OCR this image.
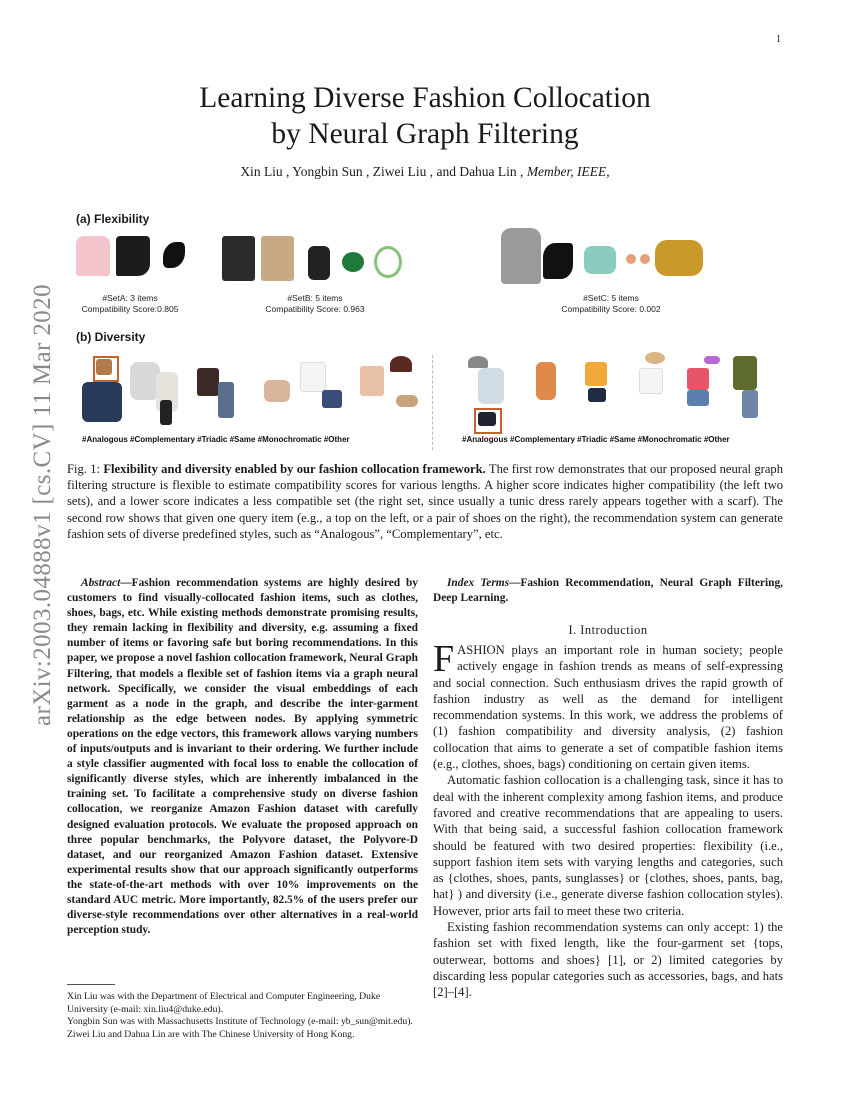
1
arXiv:2003.04888v1 [cs.CV] 11 Mar 2020
Learning Diverse Fashion Collocation
by Neural Graph Filtering
Xin Liu , Yongbin Sun , Ziwei Liu , and Dahua Lin , Member, IEEE,
(a) Flexibility
#SetA: 3 items
Compatibility Score:0.805
#SetB: 5 items
Compatibility Score: 0.963
#SetC: 5 items
Compatibility Score: 0.002
(b) Diversity
#Analogous #Complementary #Triadic #Same #Monochromatic #Other	#Analogous #Complementary #Triadic #Same #Monochromatic #Other
Fig. 1: Flexibility and diversity enabled by our fashion collocation framework. The first row demonstrates that our proposed neural graph filtering structure is flexible to estimate compatibility scores for various lengths. A higher score indicates higher compatibility (the left two sets), and a lower score indicates a less compatible set (the right set, since usually a tunic dress rarely appears together with a scarf). The second row shows that given one query item (e.g., a top on the left, or a pair of shoes on the right), the recommendation system can generate fashion sets of diverse predefined styles, such as “Analogous”, “Complementary”, etc.
Abstract—Fashion recommendation systems are highly desired by customers to find visually-collocated fashion items, such as clothes, shoes, bags, etc. While existing methods demonstrate promising results, they remain lacking in flexibility and diversity, e.g. assuming a fixed number of items or favoring safe but boring recommendations. In this paper, we propose a novel fashion collocation framework, Neural Graph Filtering, that models a flexible set of fashion items via a graph neural network. Specifically, we consider the visual embeddings of each garment as a node in the graph, and describe the inter-garment relationship as the edge between nodes. By applying symmetric operations on the edge vectors, this framework allows varying numbers of inputs/outputs and is invariant to their ordering. We further include a style classifier augmented with focal loss to enable the collocation of significantly diverse styles, which are inherently imbalanced in the training set. To facilitate a comprehensive study on diverse fashion collocation, we reorganize Amazon Fashion dataset with carefully designed evaluation protocols. We evaluate the proposed approach on three popular benchmarks, the Polyvore dataset, the Polyvore-D dataset, and our reorganized Amazon Fashion dataset. Extensive experimental results show that our approach significantly outperforms the state-of-the-art methods with over 10% improvements on the standard AUC metric. More importantly, 82.5% of the users prefer our diverse-style recommendations over other alternatives in a real-world perception study.

Xin Liu was with the Department of Electrical and Computer Engineering, Duke University (e-mail: xin.liu4@duke.edu).

Yongbin Sun was with Massachusetts Institute of Technology (e-mail: yb_sun@mit.edu).

Ziwei Liu and Dahua Lin are with The Chinese University of Hong Kong.

Index Terms—Fashion Recommendation, Neural Graph Filtering, Deep Learning.
I. Introduction

FASHION plays an important role in human society; people actively engage in fashion trends as means of self-expressing and social connection. Such enthusiasm drives the rapid growth of fashion industry as well as the demand for intelligent recommendation systems. In this work, we address the problems of (1) fashion compatibility and diversity analysis, (2) fashion collocation that aims to generate a set of compatible fashion items (e.g., clothes, shoes, bags) conditioning on certain given items.

Automatic fashion collocation is a challenging task, since it has to deal with the inherent complexity among fashion items, and produce favored and creative recommendations that are appealing to users. With that being said, a successful fashion collocation framework should be featured with two desired properties: flexibility (i.e., support fashion item sets with varying lengths and categories, such as {clothes, shoes, pants, sunglasses} or {clothes, shoes, pants, bag, hat} ) and diversity (i.e., generate diverse fashion collocation styles). However, prior arts fail to meet these two criteria.

Existing fashion recommendation systems can only accept: 1) the fashion set with fixed length, like the four-garment set {tops, outerwear, bottoms and shoes} [1], or 2) limited categories by discarding less popular categories such as accessories, bags, and hats [2]–[4].
